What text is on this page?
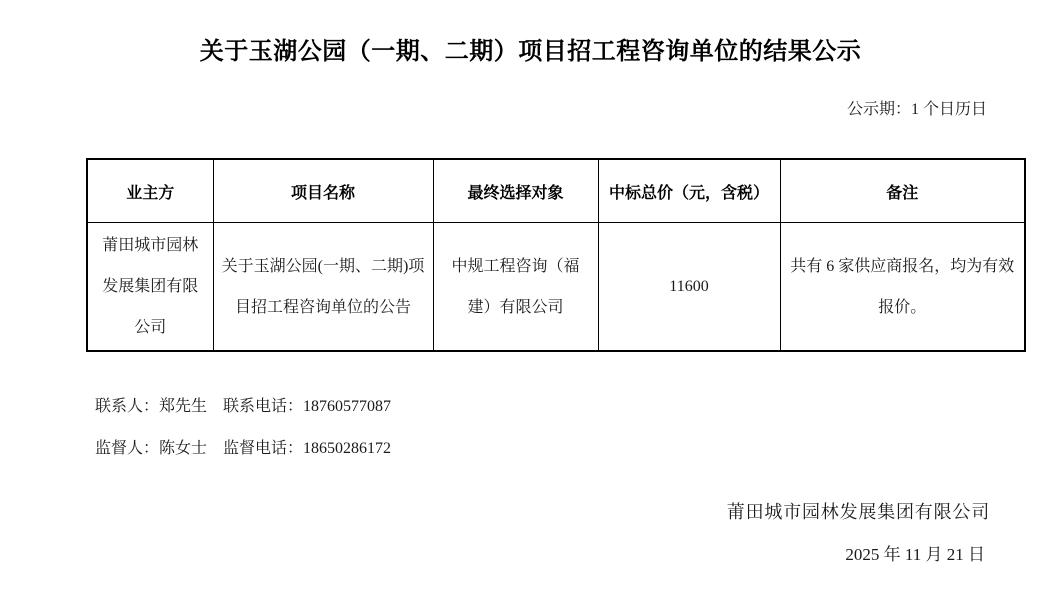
关于玉湖公园（一期、二期）项目招工程咨询单位的结果公示
公示期：1 个日历日
业主方	项目名称	最终选择对象	中标总价（元，含税）	备注
莆田城市园林发展集团有限公司	关于玉湖公园(一期、二期)项目招工程咨询单位的公告	中规工程咨询（福建）有限公司	11600	共有 6 家供应商报名，均为有效报价。
联系人：郑先生　联系电话：18760577087
监督人：陈女士　监督电话：18650286172
莆田城市园林发展集团有限公司
2025 年 11 月 21 日
